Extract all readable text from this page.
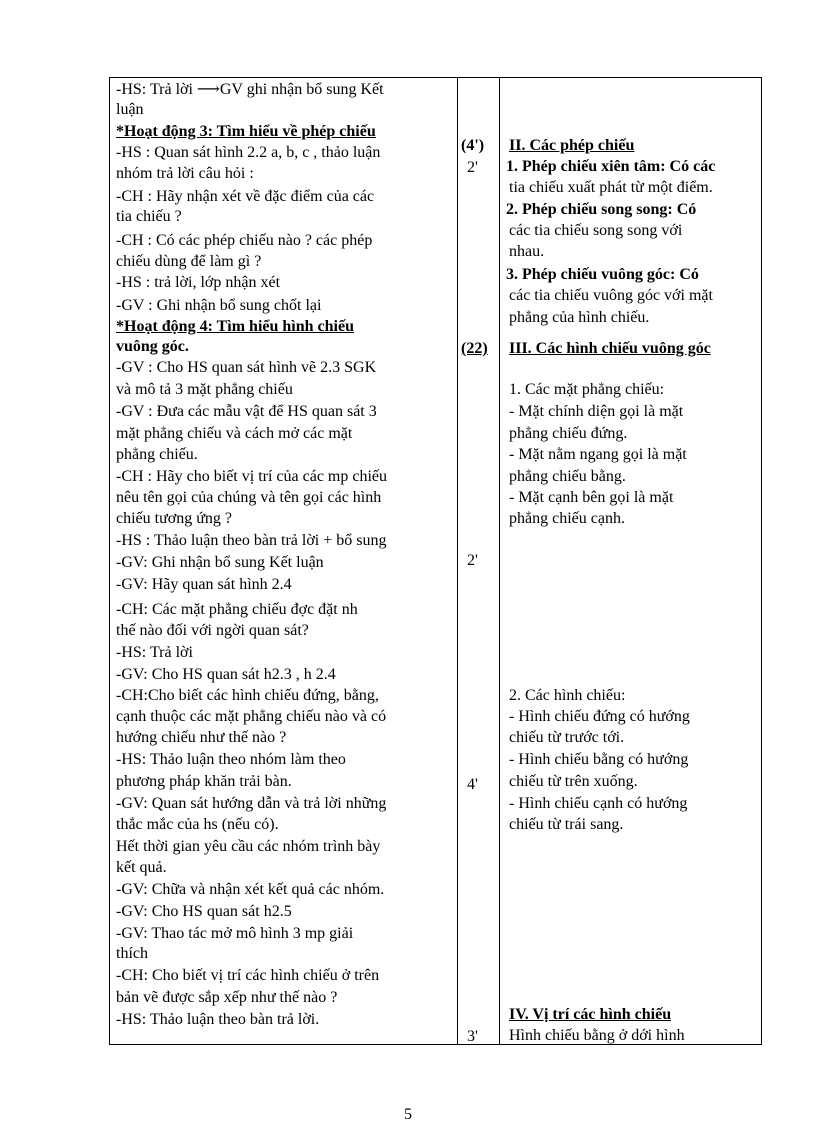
-HS: Trả lời ⟶GV ghi nhận bổ sung Kết
luận
*Hoạt động 3: Tìm hiểu về phép chiếu
-HS : Quan sát hình 2.2 a, b, c , thảo luận
nhóm trả lời câu hỏi :
-CH : Hãy nhận xét về đặc điểm của các
tia chiếu ?
-CH : Có các phép chiếu nào ? các phép
chiếu dùng để làm gì ?
-HS : trả lời, lớp nhận xét
-GV : Ghi nhận bổ sung chốt lại
*Hoạt động 4: Tìm hiểu hình chiếu
vuông góc.
-GV : Cho HS quan sát hình vẽ 2.3 SGK
và mô tả 3 mặt phẳng chiếu
-GV : Đưa các mẫu vật để HS quan sát 3
mặt phẳng chiếu và cách mở các mặt
phẳng chiếu.
-CH : Hãy cho biết vị trí của các mp chiếu
nêu tên gọi của chúng và tên gọi các hình
chiếu tương ứng ?
-HS : Thảo luận theo bàn trả lời + bổ sung
-GV: Ghi nhận bổ sung Kết luận
-GV: Hãy quan sát hình 2.4
-CH: Các mặt phẳng chiếu đợc đặt nh
thế nào đối với ngời quan sát?
-HS: Trả lời
-GV: Cho HS quan sát h2.3 , h 2.4
-CH:Cho biết các hình chiếu đứng, bằng,
cạnh thuộc các mặt phẳng chiếu nào và có
hướng chiếu như thế nào ?
-HS: Thảo luận theo nhóm làm theo
phương pháp khăn trải bàn.
-GV: Quan sát hướng dẫn và trả lời những
thắc mắc của hs (nếu có).
Hết thời gian yêu cầu các nhóm trình bày
kết quả.
-GV: Chữa và nhận xét kết quả các nhóm.
-GV: Cho HS quan sát h2.5
-GV: Thao tác mở mô hình 3 mp giải
thích
-CH: Cho biết vị trí các hình chiếu ở trên
bản vẽ được sắp xếp như thế nào ?
-HS: Thảo luận theo bàn trả lời.
(4')
2'
(22)
2'
4'
3'
II. Các phép chiếu
1. Phép chiếu xiên tâm: Có các
tia chiếu xuất phát từ một điểm.
2. Phép chiếu song song: Có
các tia chiếu song song với
nhau.
3. Phép chiếu vuông góc: Có
các tia chiếu vuông góc với mặt
phẳng của hình chiếu.
III. Các hình chiếu vuông góc
1. Các mặt phẳng chiếu:
- Mặt chính diện gọi là mặt
phẳng chiếu đứng.
- Mặt nằm ngang gọi là mặt
phẳng chiếu bằng.
- Mặt cạnh bên gọi là mặt
phẳng chiếu cạnh.
2. Các hình chiếu:
- Hình chiếu đứng có hướng
chiếu từ trước tới.
- Hình chiếu bằng có hướng
chiếu từ trên xuống.
- Hình chiếu cạnh có hướng
chiếu từ trái sang.
IV. Vị trí các hình chiếu
Hình chiếu bằng ở dới hình
5
